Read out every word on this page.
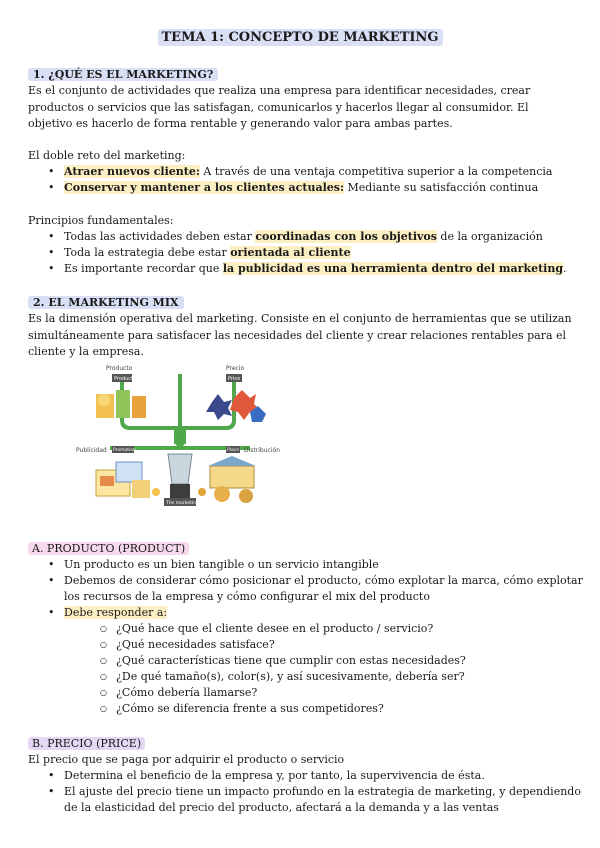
TEMA 1: CONCEPTO DE MARKETING
1. ¿QUÉ ES EL MARKETING?
Es el conjunto de actividades que realiza una empresa para identificar necesidades, crear productos o servicios que las satisfagan, comunicarlos y hacerlos llegar al consumidor. El objetivo es hacerlo de forma rentable y generando valor para ambas partes.
El doble reto del marketing:
• Atraer nuevos cliente: A través de una ventaja competitiva superior a la competencia
• Conservar y mantener a los clientes actuales: Mediante su satisfacción continua
Principios fundamentales:
• Todas las actividades deben estar coordinadas con los objetivos de la organización
• Toda la estrategia debe estar orientada al cliente
• Es importante recordar que la publicidad es una herramienta dentro del marketing.
2. EL MARKETING MIX
Es la dimensión operativa del marketing. Consiste en el conjunto de herramientas que se utilizan simultáneamente para satisfacer las necesidades del cliente y crear relaciones rentables para el cliente y la empresa.
Producto
Product
Precio
Price
Publicidad Promotion	Distribución
Place
The marketing mix
A. PRODUCTO (PRODUCT)
• Un producto es un bien tangible o un servicio intangible
• Debemos de considerar cómo posicionar el producto, cómo explotar la marca, cómo explotar los recursos de la empresa y cómo configurar el mix del producto
• Debe responder a:
○ ¿Qué hace que el cliente desee en el producto / servicio?
○ ¿Qué necesidades satisface?
○ ¿Qué características tiene que cumplir con estas necesidades?
○ ¿De qué tamaño(s), color(s), y así sucesivamente, debería ser?
○ ¿Cómo debería llamarse?
○ ¿Cómo se diferencia frente a sus competidores?
B. PRECIO (PRICE)
El precio que se paga por adquirir el producto o servicio
• Determina el beneficio de la empresa y, por tanto, la supervivencia de ésta.
• El ajuste del precio tiene un impacto profundo en la estrategia de marketing, y dependiendo de la elasticidad del precio del producto, afectará a la demanda y a las ventas
